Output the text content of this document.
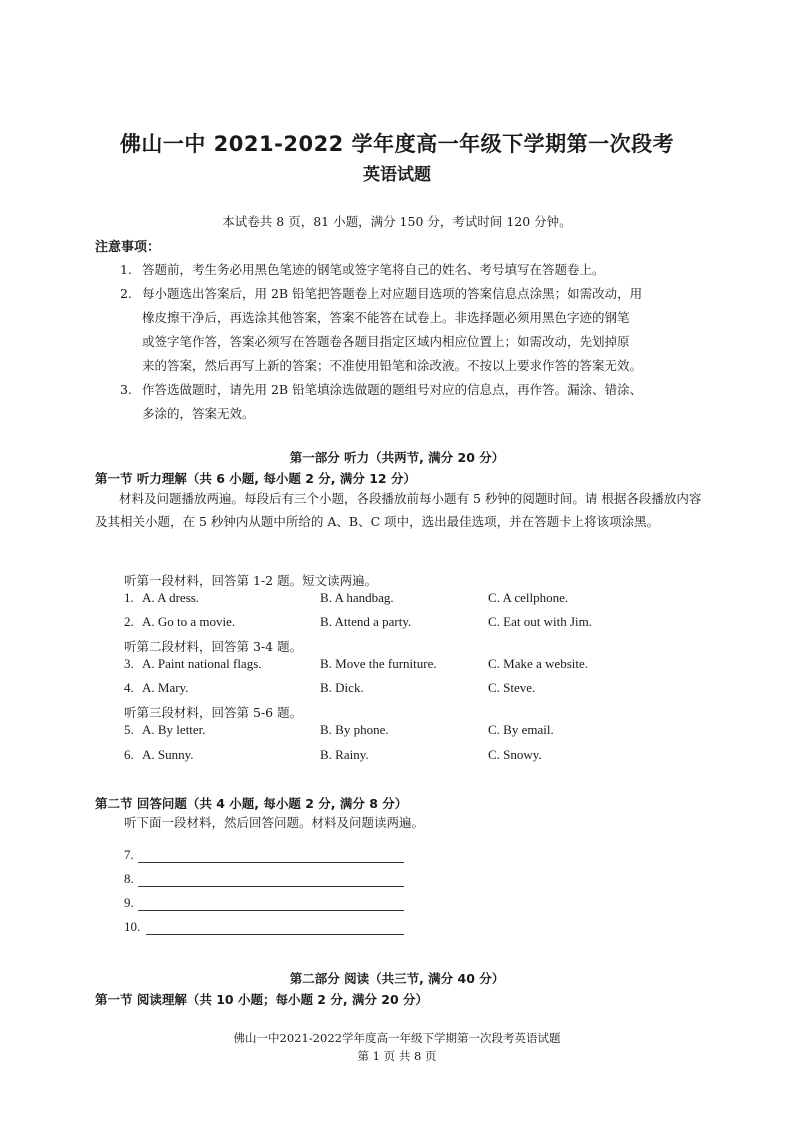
佛山一中 2021-2022 学年度高一年级下学期第一次段考
英语试题
本试卷共 8 页，81 小题，满分 150 分，考试时间 120 分钟。
注意事项：
1. 答题前，考生务必用黑色笔迹的钢笔或签字笔将自己的姓名、考号填写在答题卷上。
2. 每小题选出答案后，用 2B 铅笔把答题卷上对应题目选项的答案信息点涂黑；如需改动，用
橡皮擦干净后，再选涂其他答案，答案不能答在试卷上。非选择题必须用黑色字迹的钢笔
或签字笔作答，答案必须写在答题卷各题目指定区域内相应位置上；如需改动，先划掉原
来的答案，然后再写上新的答案；不准使用铅笔和涂改液。不按以上要求作答的答案无效。
3. 作答选做题时，请先用 2B 铅笔填涂选做题的题组号对应的信息点，再作答。漏涂、错涂、
多涂的，答案无效。
第一部分 听力（共两节, 满分 20 分）
第一节 听力理解（共 6 小题, 每小题 2 分, 满分 12 分）
材料及问题播放两遍。每段后有三个小题，各段播放前每小题有 5 秒钟的阅题时间。请 根据各段播放内容及其相关小题，在 5 秒钟内从题中所给的 A、B、C 项中，选出最佳选项，并在答题卡上将该项涂黑。
听第一段材料，回答第 1-2 题。短文读两遍。
1. A. A dress.	B. A handbag.	C. A cellphone.
2. A. Go to a movie.	B. Attend a party.	C. Eat out with Jim.
听第二段材料，回答第 3-4 题。
3. A. Paint national flags.	B. Move the furniture.	C. Make a website.
4. A. Mary.	B. Dick.	C. Steve.
听第三段材料，回答第 5-6 题。
5. A. By letter.	B. By phone.	C. By email.
6. A. Sunny.	B. Rainy.	C. Snowy.
第二节 回答问题（共 4 小题, 每小题 2 分, 满分 8 分）
听下面一段材料，然后回答问题。材料及问题读两遍。
7.
8.
9.
10.
第二部分 阅读（共三节, 满分 40 分）
第一节 阅读理解（共 10 小题；每小题 2 分, 满分 20 分）
佛山一中2021-2022学年度高一年级下学期第一次段考英语试题
第 1 页 共 8 页
